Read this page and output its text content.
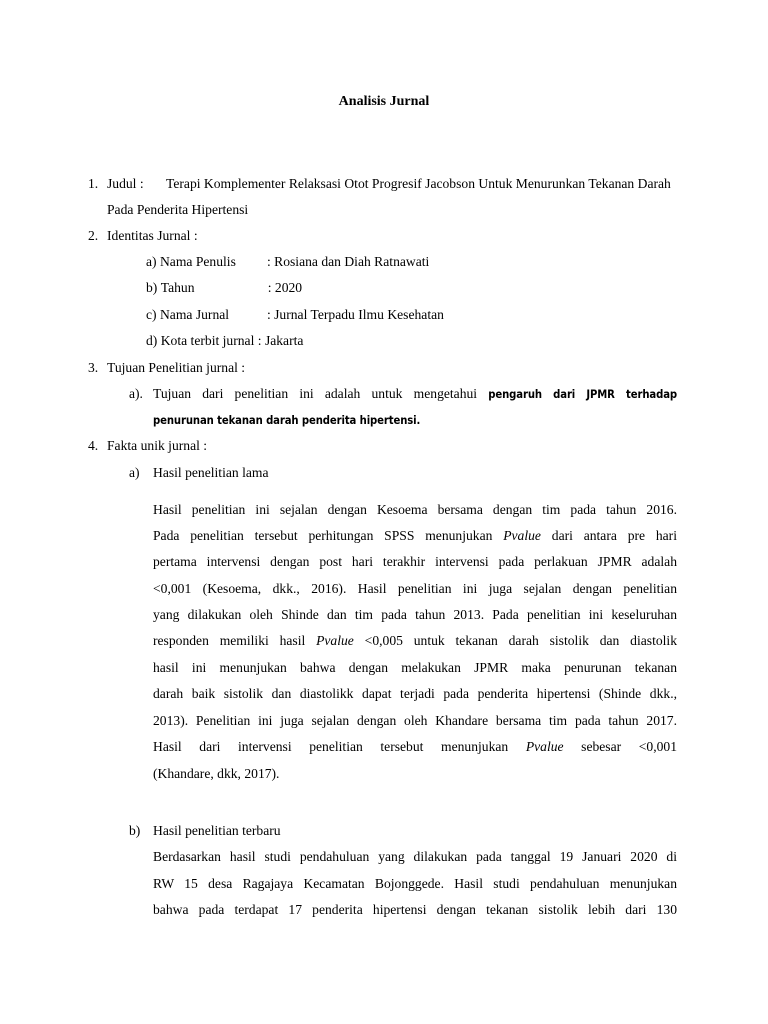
Analisis Jurnal
1. Judul : Terapi Komplementer Relaksasi Otot Progresif Jacobson Untuk Menurunkan Tekanan Darah
Pada Penderita Hipertensi
2. Identitas Jurnal :
a) Nama Penulis : Rosiana dan Diah Ratnawati
b) Tahun	: 2020
c) Nama Jurnal	: Jurnal Terpadu Ilmu Kesehatan
d) Kota terbit jurnal : Jakarta
3. Tujuan Penelitian jurnal :
a). Tujuan dari penelitian ini adalah untuk mengetahui pengaruh dari JPMR terhadap
penurunan tekanan darah penderita hipertensi.
4. Fakta unik jurnal :
a) Hasil penelitian lama
Hasil penelitian ini sejalan dengan Kesoema bersama dengan tim pada tahun 2016.
Pada penelitian tersebut perhitungan SPSS menunjukan Pvalue dari antara pre hari
pertama intervensi dengan post hari terakhir intervensi pada perlakuan JPMR adalah
<0,001 (Kesoema, dkk., 2016). Hasil penelitian ini juga sejalan dengan penelitian
yang dilakukan oleh Shinde dan tim pada tahun 2013. Pada penelitian ini keseluruhan
responden memiliki hasil Pvalue <0,005 untuk tekanan darah sistolik dan diastolik
hasil ini menunjukan bahwa dengan melakukan JPMR maka penurunan tekanan
darah baik sistolik dan diastolikk dapat terjadi pada penderita hipertensi (Shinde dkk.,
2013). Penelitian ini juga sejalan dengan oleh Khandare bersama tim pada tahun 2017.
Hasil dari intervensi penelitian tersebut menunjukan Pvalue sebesar <0,001
(Khandare, dkk, 2017).
b) Hasil penelitian terbaru
Berdasarkan hasil studi pendahuluan yang dilakukan pada tanggal 19 Januari 2020 di
RW 15 desa Ragajaya Kecamatan Bojonggede. Hasil studi pendahuluan menunjukan
bahwa pada terdapat 17 penderita hipertensi dengan tekanan sistolik lebih dari 130
